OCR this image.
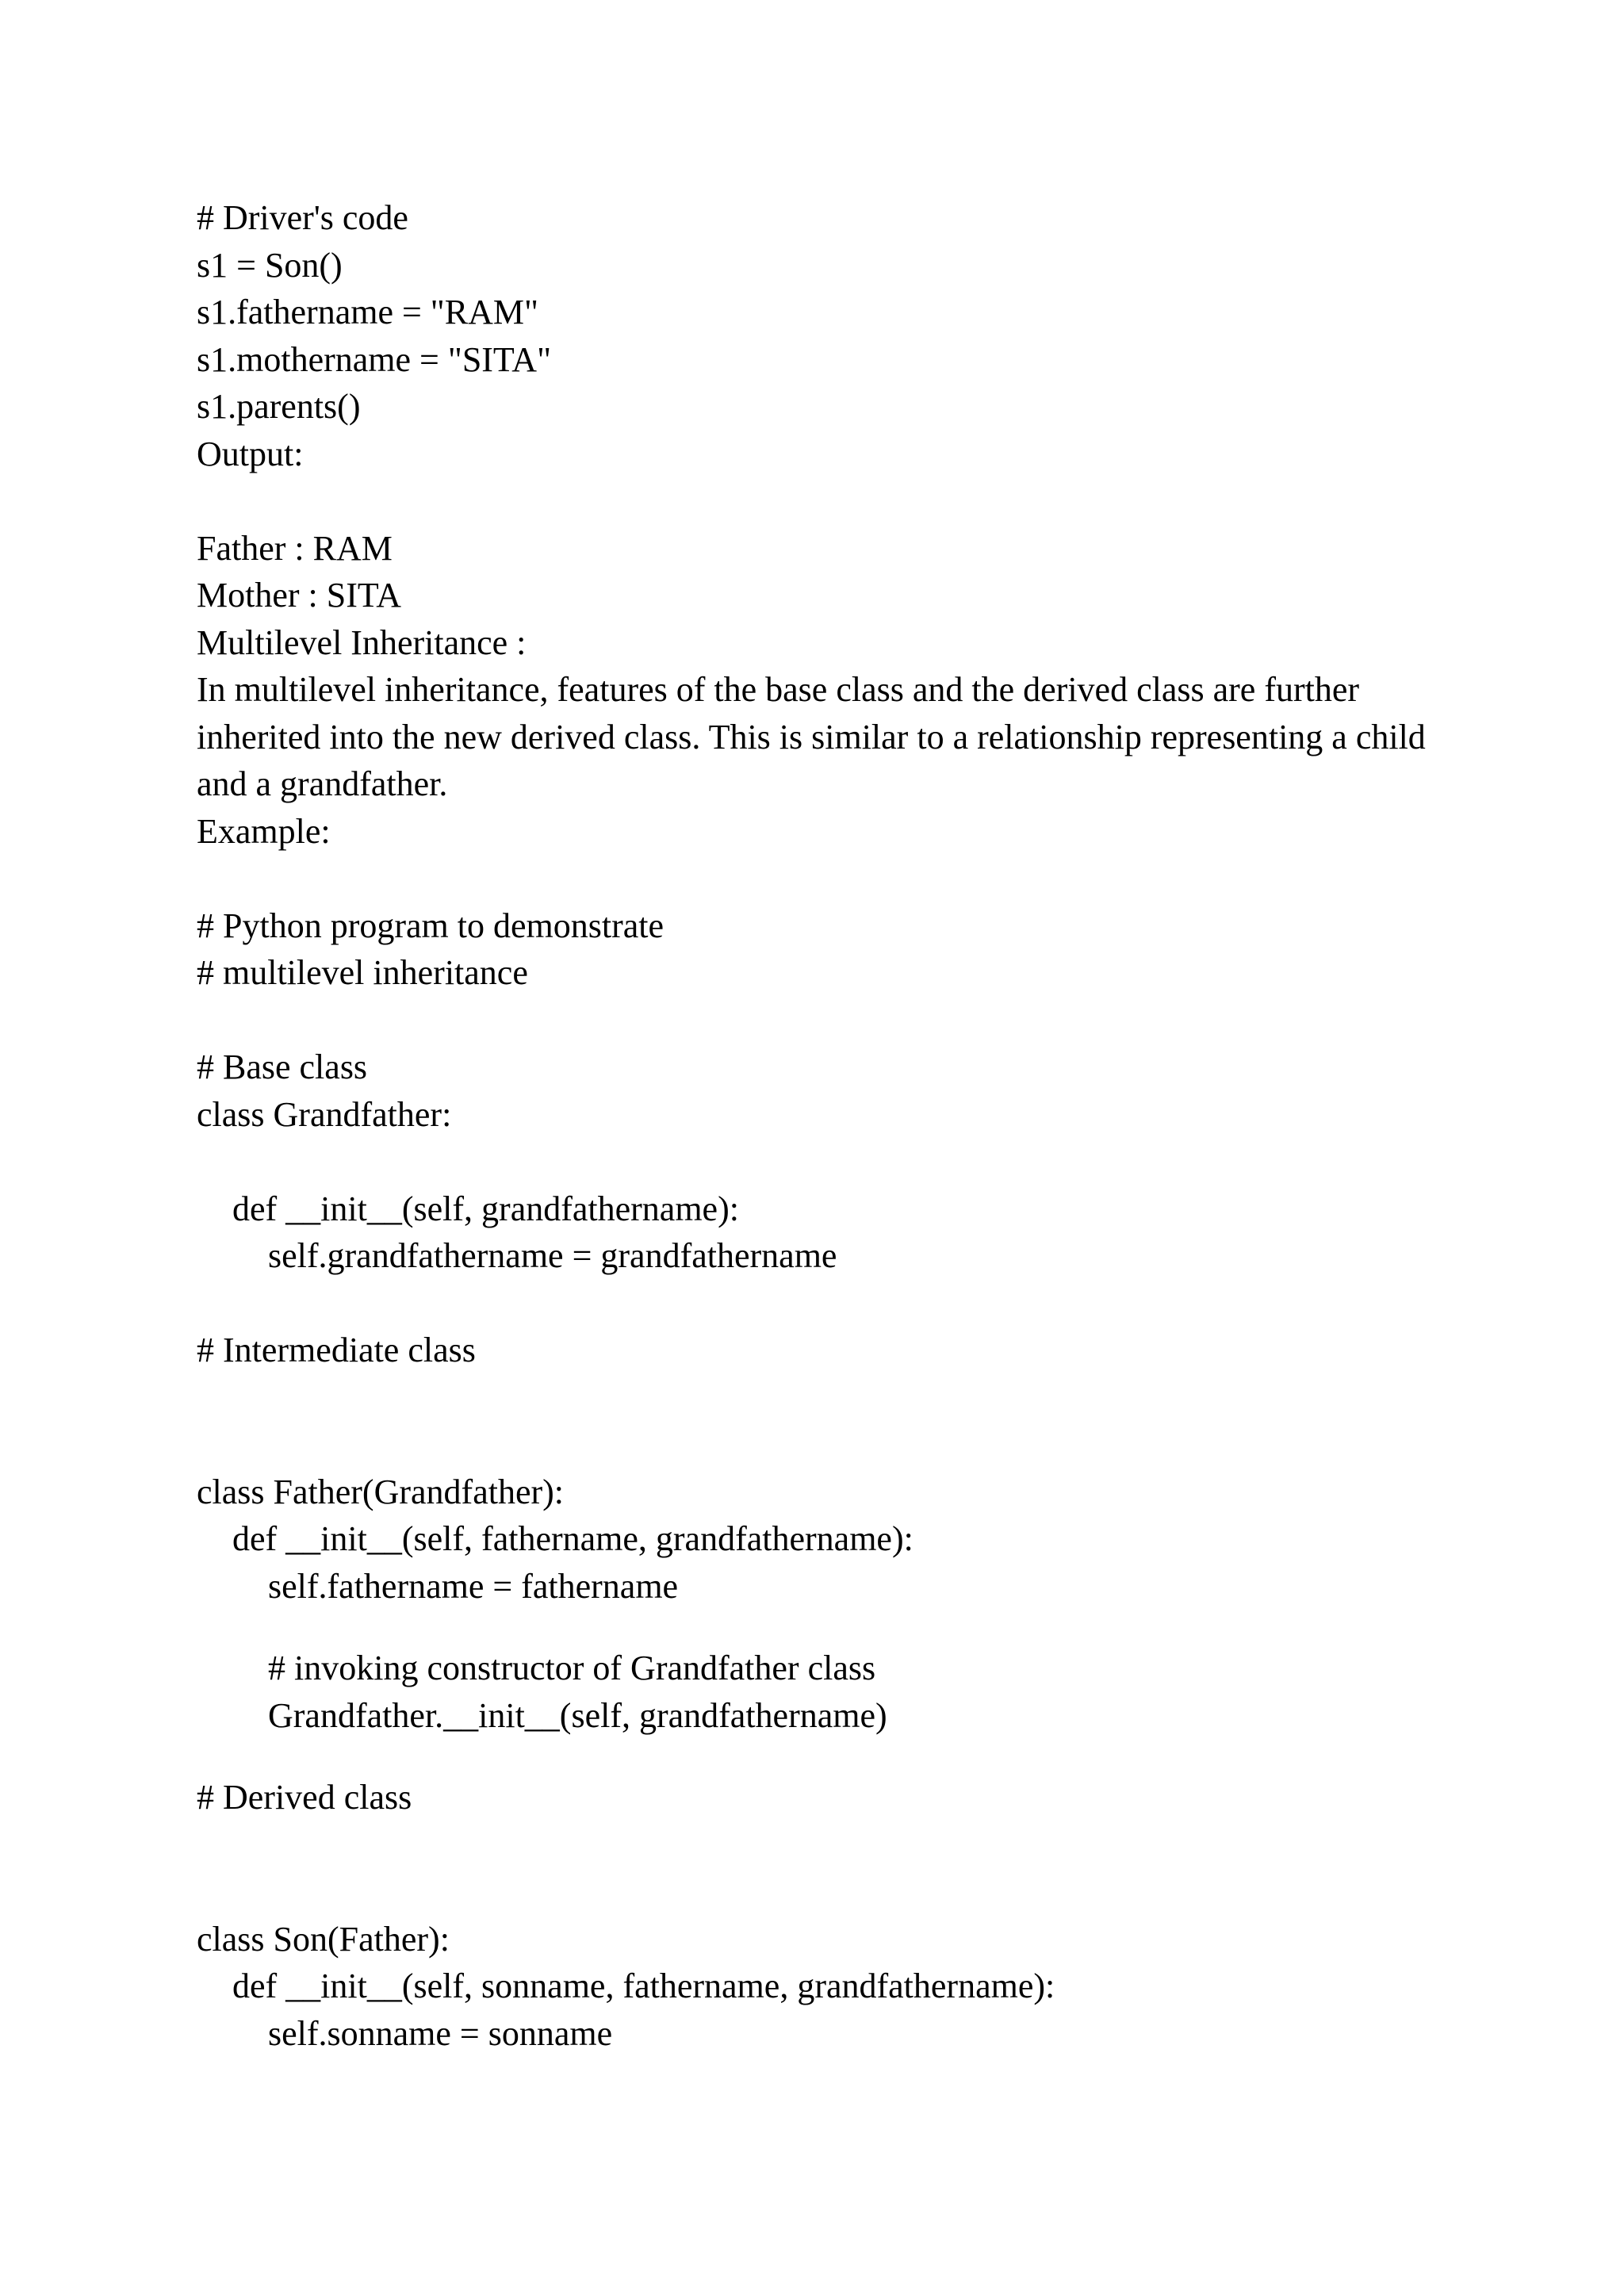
# Driver's code
s1 = Son()
s1.fathername = "RAM"
s1.mothername = "SITA"
s1.parents()
Output:
Father : RAM
Mother : SITA
Multilevel Inheritance :
In multilevel inheritance, features of the base class and the derived class are further inherited into the new derived class. This is similar to a relationship representing a child and a grandfather.
Example:
# Python program to demonstrate
# multilevel inheritance
# Base class
class Grandfather:
def __init__(self, grandfathername):
self.grandfathername = grandfathername
# Intermediate class
class Father(Grandfather):
def __init__(self, fathername, grandfathername):
self.fathername = fathername
# invoking constructor of Grandfather class
Grandfather.__init__(self, grandfathername)
# Derived class
class Son(Father):
def __init__(self, sonname, fathername, grandfathername):
self.sonname = sonname
